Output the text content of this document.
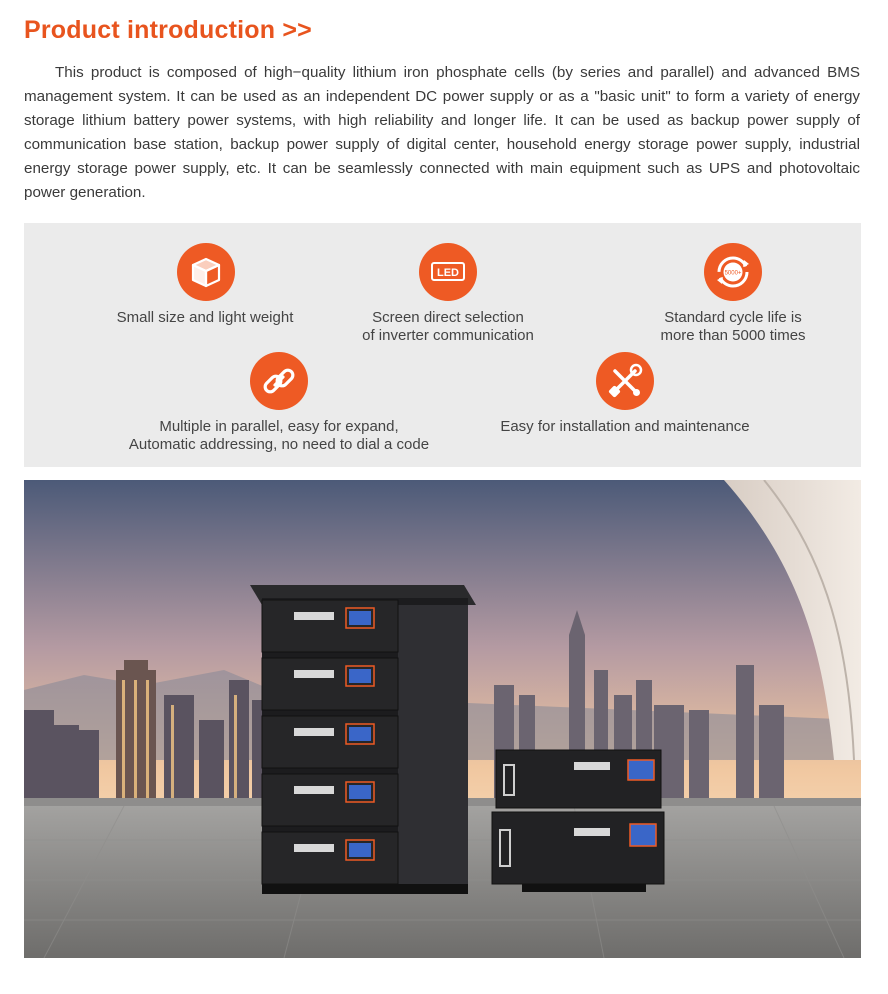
Product introduction >>
This product is composed of high−quality lithium iron phosphate cells (by series and parallel) and advanced BMS management system. It can be used as an independent DC power supply or as a "basic unit" to form a variety of energy storage lithium battery power systems, with high reliability and longer life. It can be used as backup power supply of communication base station, backup power supply of digital center, household energy storage power supply, industrial energy storage power supply, etc. It can be seamlessly connected with main equipment such as UPS and photovoltaic power generation.
Small size and light weight
LED
Screen direct selection
of inverter communication
5000+
Standard cycle life is
more than 5000 times
Multiple in parallel, easy for expand,
Automatic addressing, no need to dial a code
Easy for installation and maintenance
